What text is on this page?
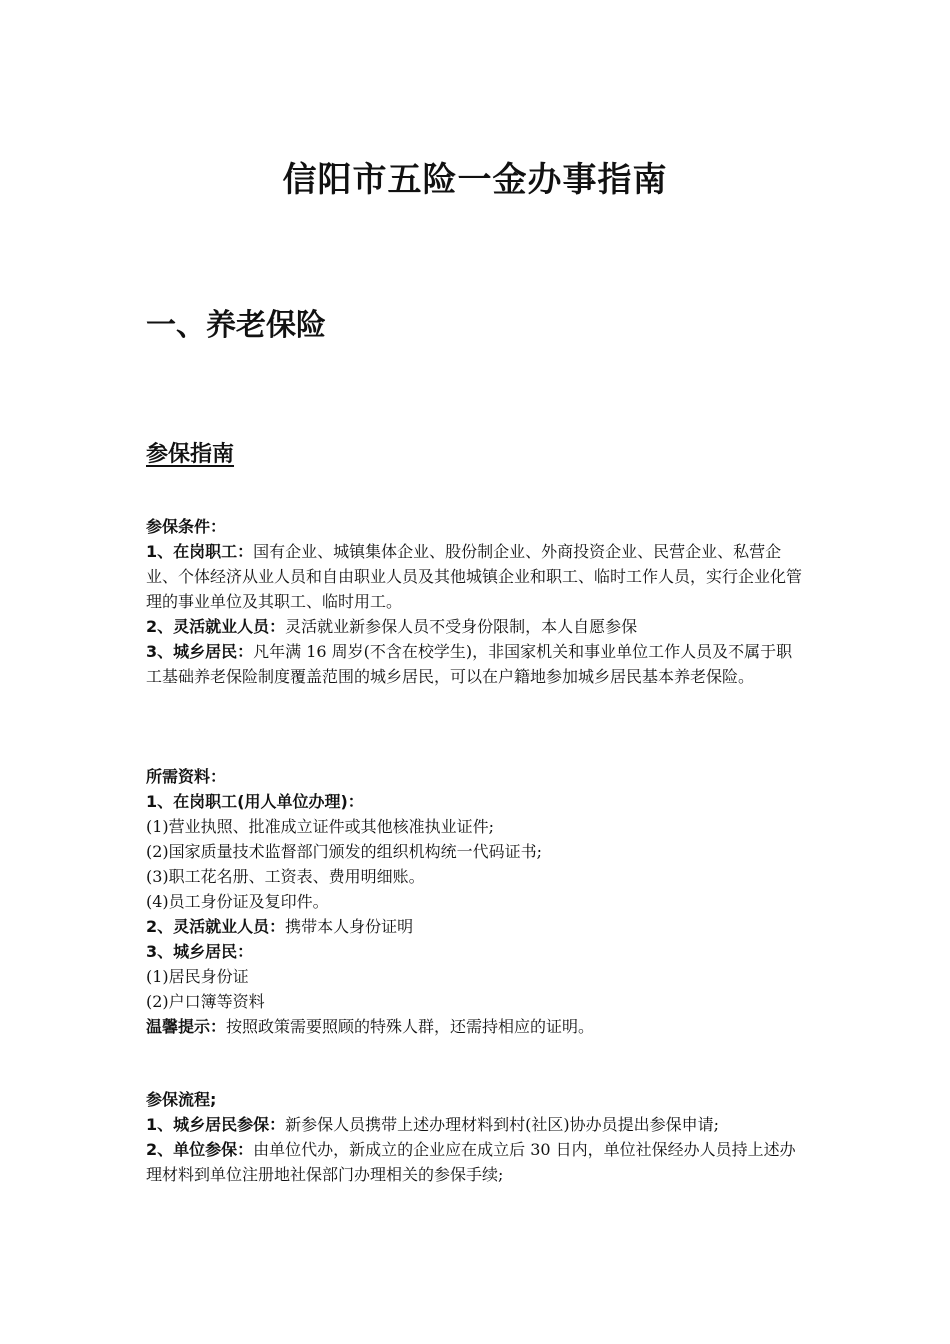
信阳市五险一金办事指南
一、养老保险
参保指南

参保条件：

1、在岗职工：国有企业、城镇集体企业、股份制企业、外商投资企业、民营企业、私营企业、个体经济从业人员和自由职业人员及其他城镇企业和职工、临时工作人员，实行企业化管理的事业单位及其职工、临时用工。

2、灵活就业人员：灵活就业新参保人员不受身份限制，本人自愿参保

3、城乡居民：凡年满 16 周岁(不含在校学生)，非国家机关和事业单位工作人员及不属于职工基础养老保险制度覆盖范围的城乡居民，可以在户籍地参加城乡居民基本养老保险。

所需资料：

1、在岗职工(用人单位办理)：

(1)营业执照、批准成立证件或其他核准执业证件;

(2)国家质量技术监督部门颁发的组织机构统一代码证书;

(3)职工花名册、工资表、费用明细账。

(4)员工身份证及复印件。

2、灵活就业人员：携带本人身份证明

3、城乡居民：

(1)居民身份证

(2)户口簿等资料

温馨提示：按照政策需要照顾的特殊人群，还需持相应的证明。

参保流程;

1、城乡居民参保：新参保人员携带上述办理材料到村(社区)协办员提出参保申请;

2、单位参保：由单位代办，新成立的企业应在成立后 30 日内，单位社保经办人员持上述办理材料到单位注册地社保部门办理相关的参保手续;
